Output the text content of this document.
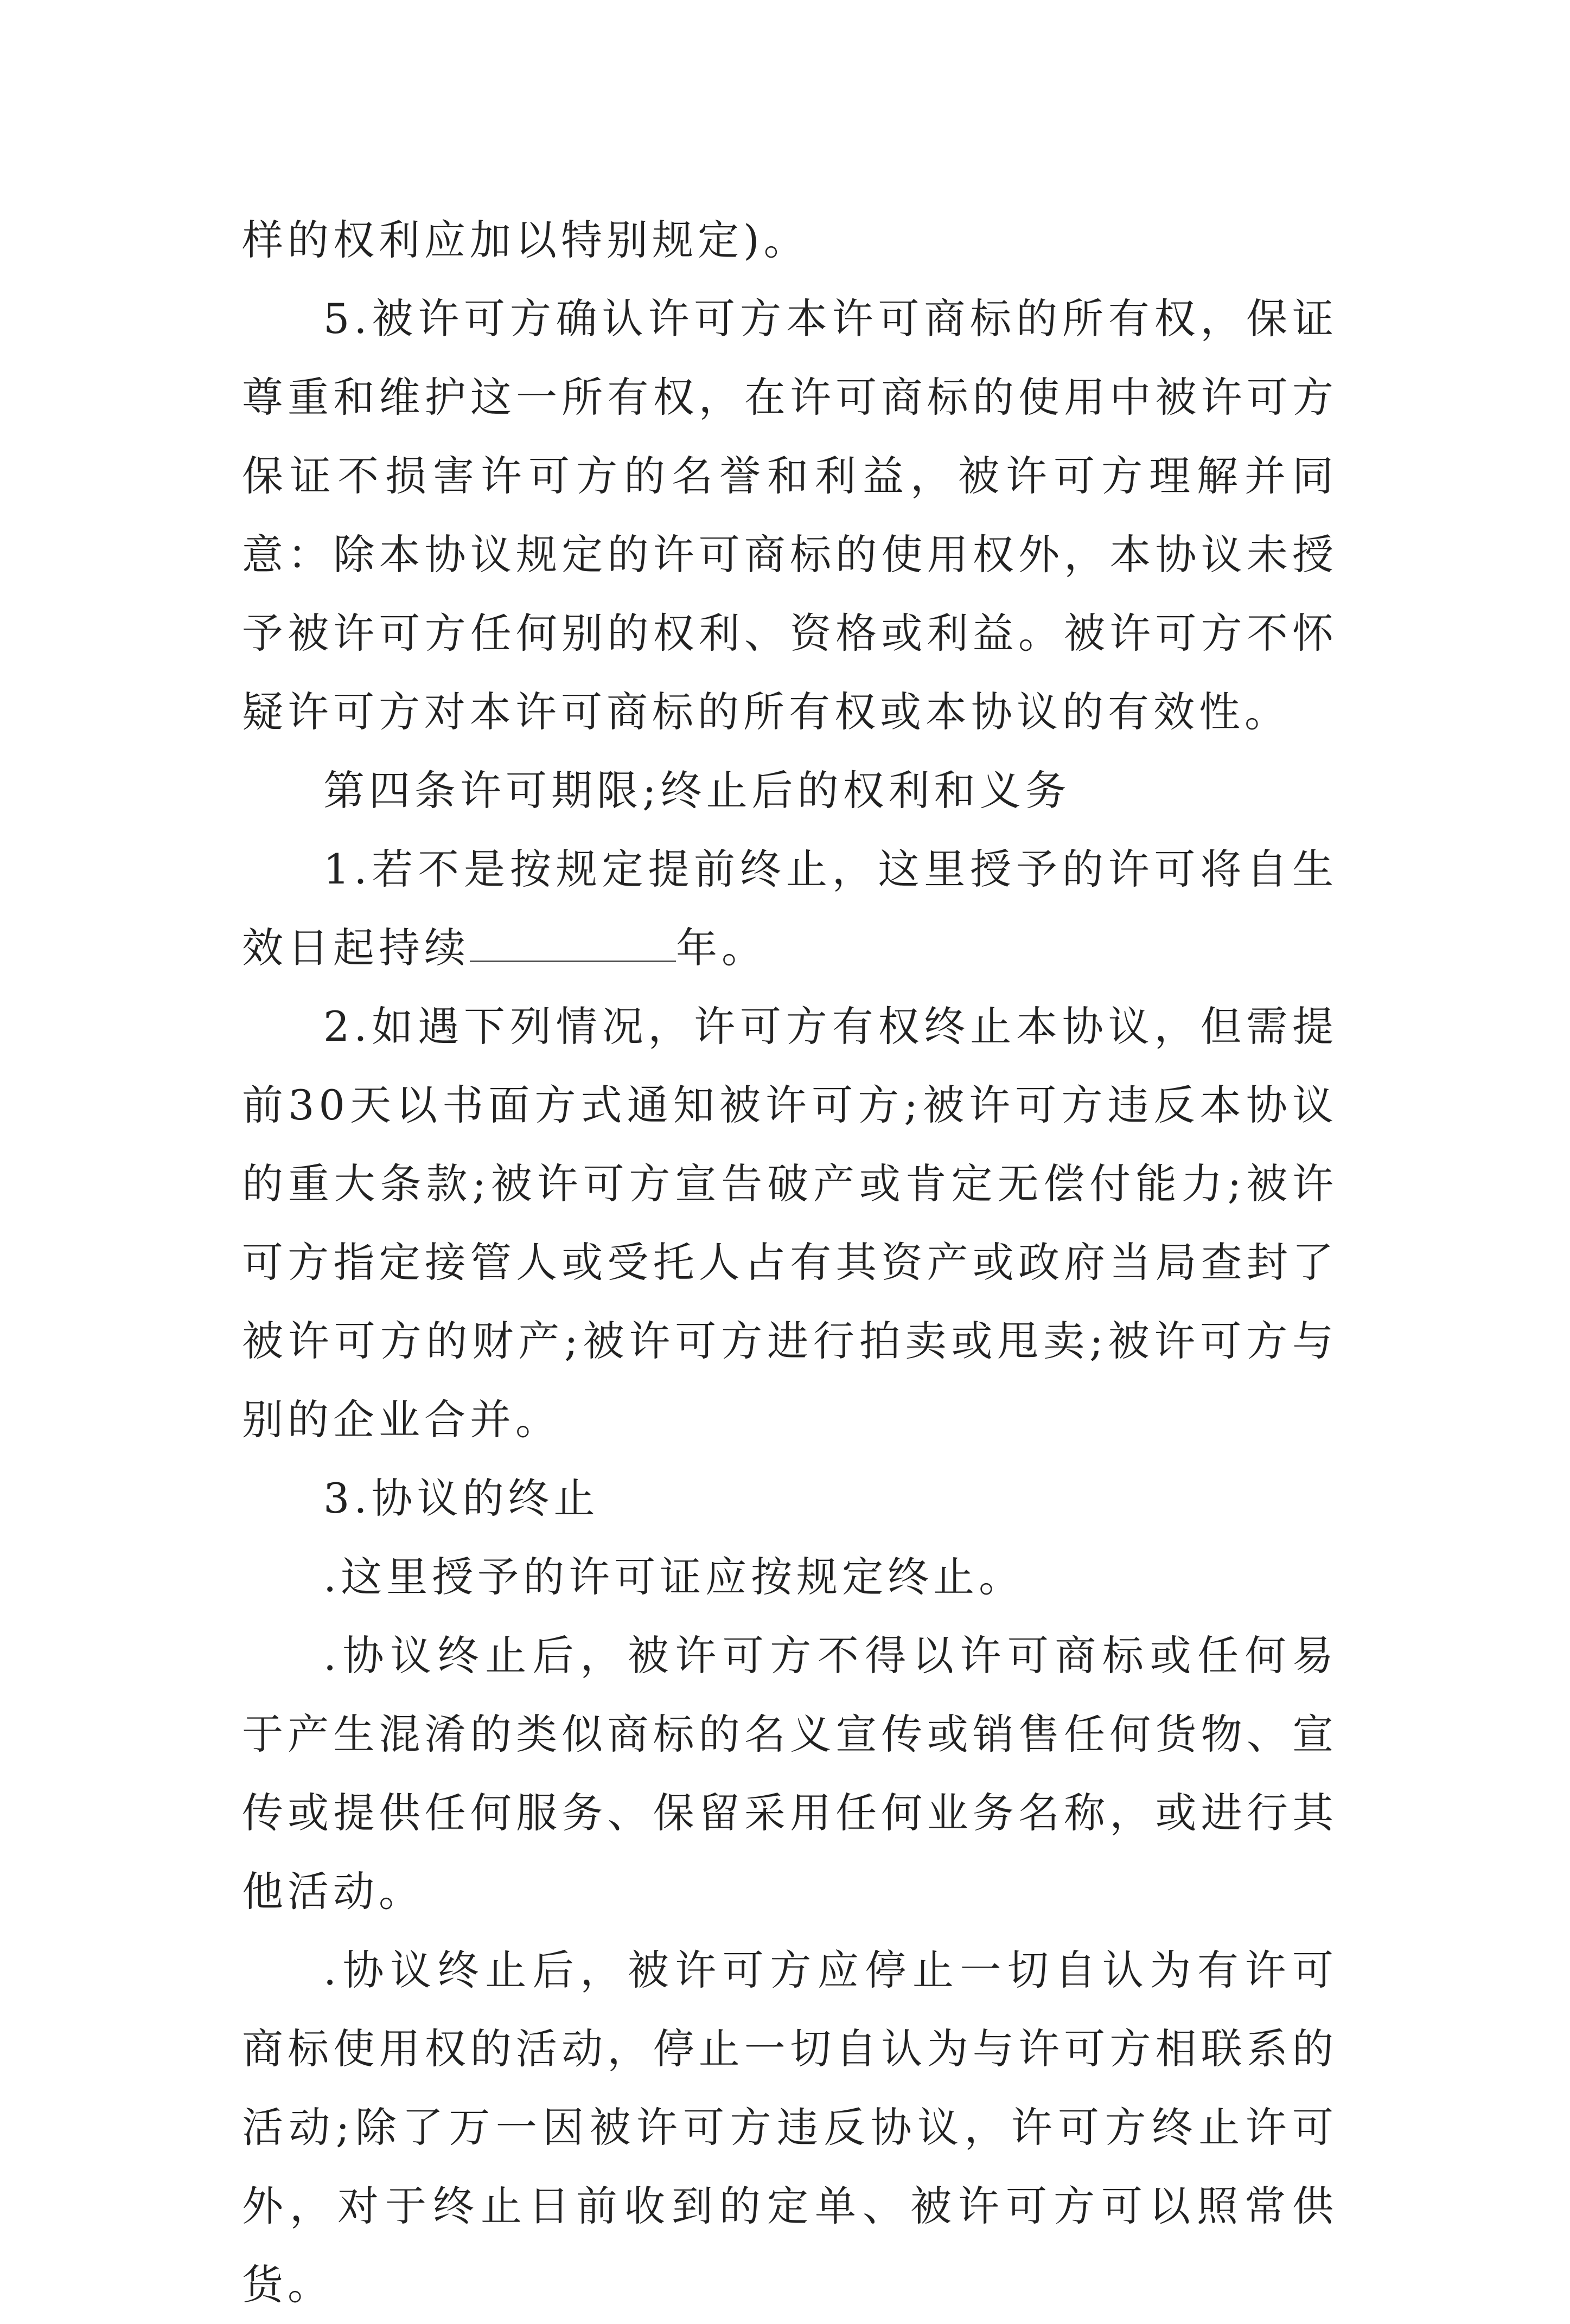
样的权利应加以特别规定)。

5.被许可方确认许可方本许可商标的所有权，保证尊重和维护这一所有权，在许可商标的使用中被许可方保证不损害许可方的名誉和利益，被许可方理解并同意：除本协议规定的许可商标的使用权外，本协议未授予被许可方任何别的权利、资格或利益。被许可方不怀疑许可方对本许可商标的所有权或本协议的有效性。

第四条许可期限;终止后的权利和义务

1.若不是按规定提前终止，这里授予的许可将自生效日起持续	年。

2.如遇下列情况，许可方有权终止本协议，但需提前30天以书面方式通知被许可方;被许可方违反本协议的重大条款;被许可方宣告破产或肯定无偿付能力;被许可方指定接管人或受托人占有其资产或政府当局查封了被许可方的财产;被许可方进行拍卖或甩卖;被许可方与别的企业合并。

3.协议的终止

.这里授予的许可证应按规定终止。

.协议终止后，被许可方不得以许可商标或任何易于产生混淆的类似商标的名义宣传或销售任何货物、宣传或提供任何服务、保留采用任何业务名称，或进行其他活动。

.协议终止后，被许可方应停止一切自认为有许可商标使用权的活动，停止一切自认为与许可方相联系的活动;除了万一因被许可方违反协议，许可方终止许可外，对于终止日前收到的定单、被许可方可以照常供货。
